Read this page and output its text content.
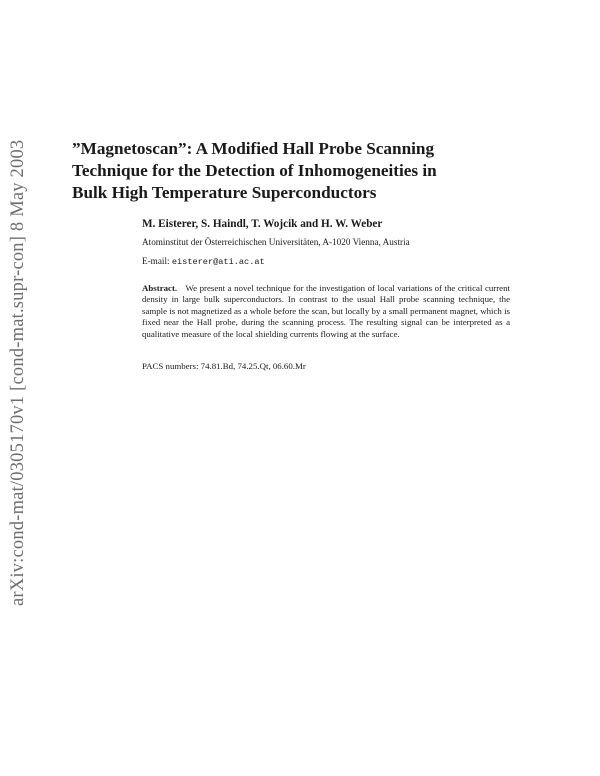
arXiv:cond-mat/0305170v1 [cond-mat.supr-con] 8 May 2003	”Magnetoscan”: A Modified Hall Probe Scanning
Technique for the Detection of Inhomogeneities in
Bulk High Temperature Superconductors
M. Eisterer, S. Haindl, T. Wojcik and H. W. Weber
Atominstitut der Österreichischen Universitäten, A-1020 Vienna, Austria
E-mail: eisterer@ati.ac.at
Abstract. We present a novel technique for the investigation of local variations of the critical current density in large bulk superconductors. In contrast to the usual Hall probe scanning technique, the sample is not magnetized as a whole before the scan, but locally by a small permanent magnet, which is fixed near the Hall probe, during the scanning process. The resulting signal can be interpreted as a qualitative measure of the local shielding currents flowing at the surface.
PACS numbers: 74.81.Bd, 74.25.Qt, 06.60.Mr
